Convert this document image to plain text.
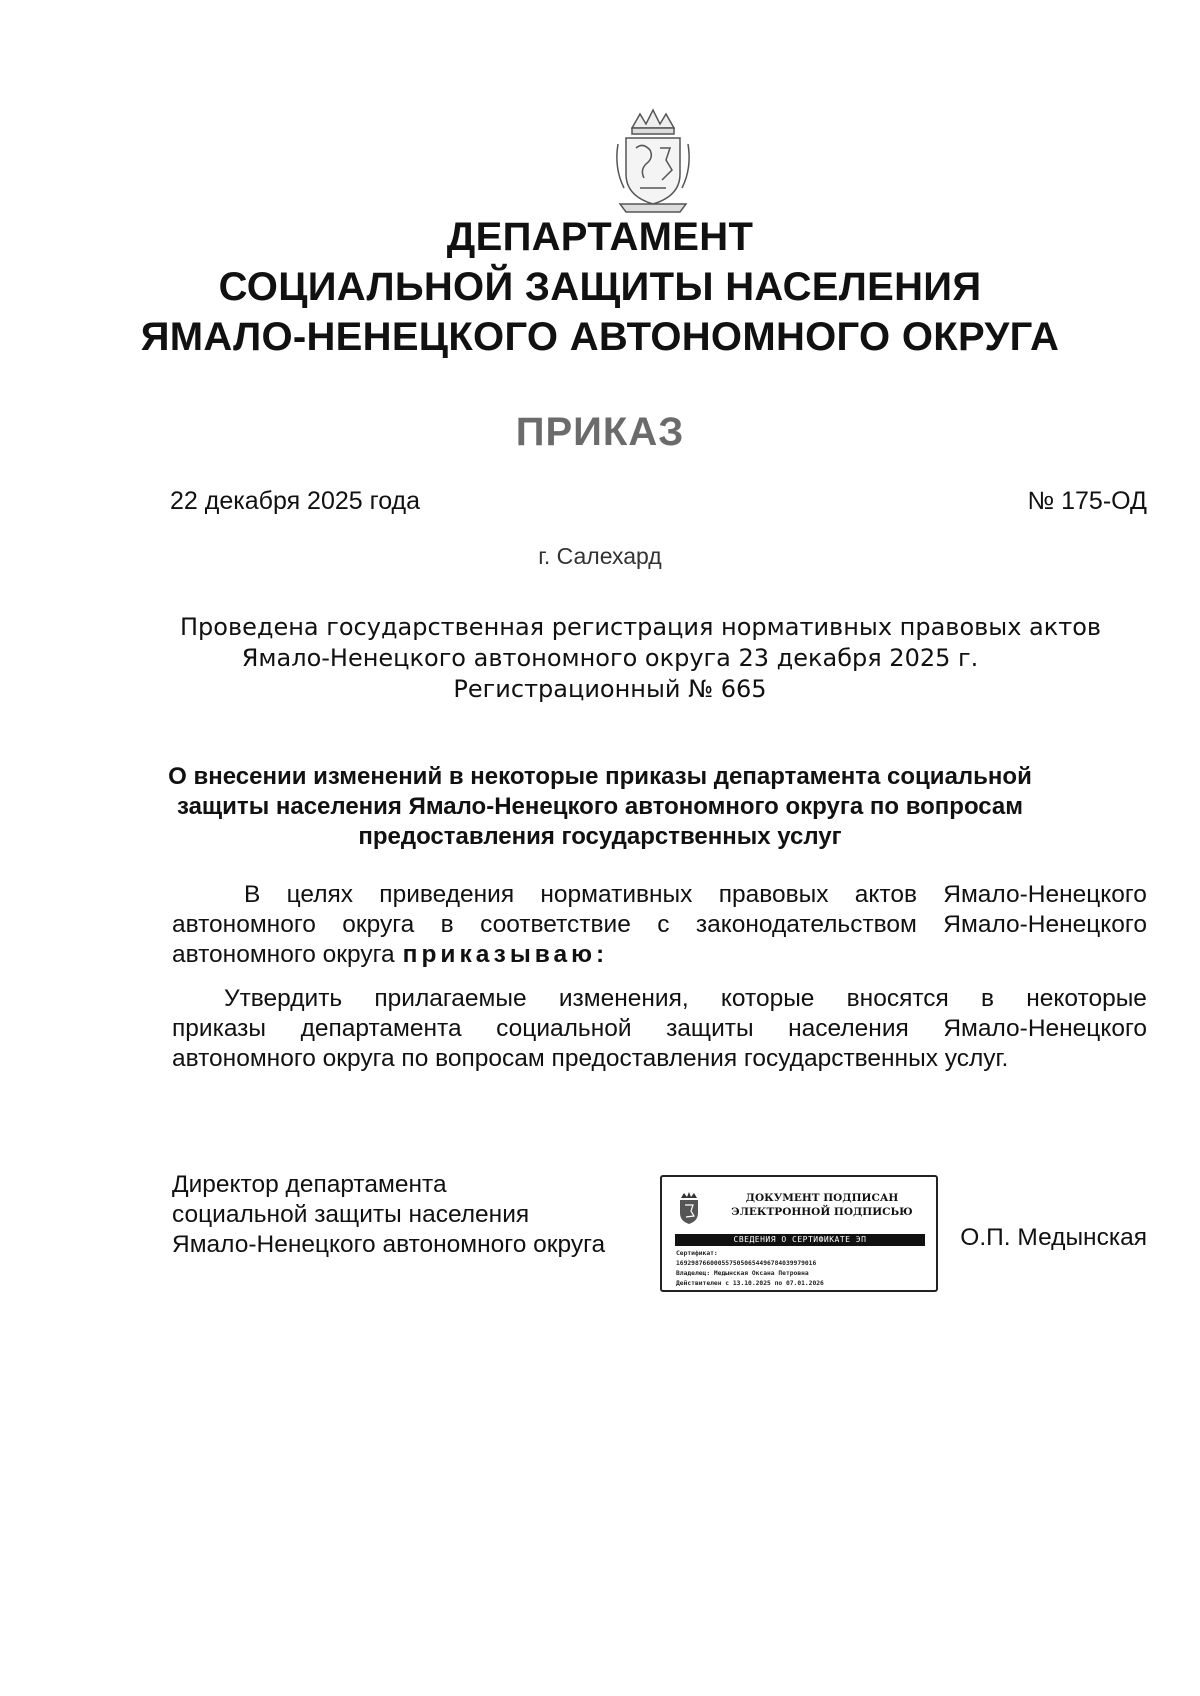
ДЕПАРТАМЕНТ
СОЦИАЛЬНОЙ ЗАЩИТЫ НАСЕЛЕНИЯ
ЯМАЛО-НЕНЕЦКОГО АВТОНОМНОГО ОКРУГА
ПРИКАЗ
22 декабря 2025 года	№ 175-ОД
г. Салехард
Проведена государственная регистрация нормативных правовых актов
Ямало-Ненецкого автономного округа 23 декабря 2025 г.
Регистрационный № 665
О внесении изменений в некоторые приказы департамента социальной
защиты населения Ямало-Ненецкого автономного округа по вопросам
предоставления государственных услуг
В целях приведения нормативных правовых актов Ямало-Ненецкого
автономного округа в соответствие с законодательством Ямало-Ненецкого
автономного округа приказываю:
Утвердить прилагаемые изменения, которые вносятся в некоторые
приказы департамента социальной защиты населения Ямало-Ненецкого
автономного округа по вопросам предоставления государственных услуг.
Директор департамента
социальной защиты населения
Ямало-Ненецкого автономного округа
ДОКУМЕНТ ПОДПИСАН
ЭЛЕКТРОННОЙ ПОДПИСЬЮ
СВЕДЕНИЯ О СЕРТИФИКАТЕ ЭП
Сертификат:
1692987660005575050654496784039979016
Владелец: Медынская Оксана Петровна
Действителен с 13.10.2025 по 07.01.2026
О.П. Медынская
